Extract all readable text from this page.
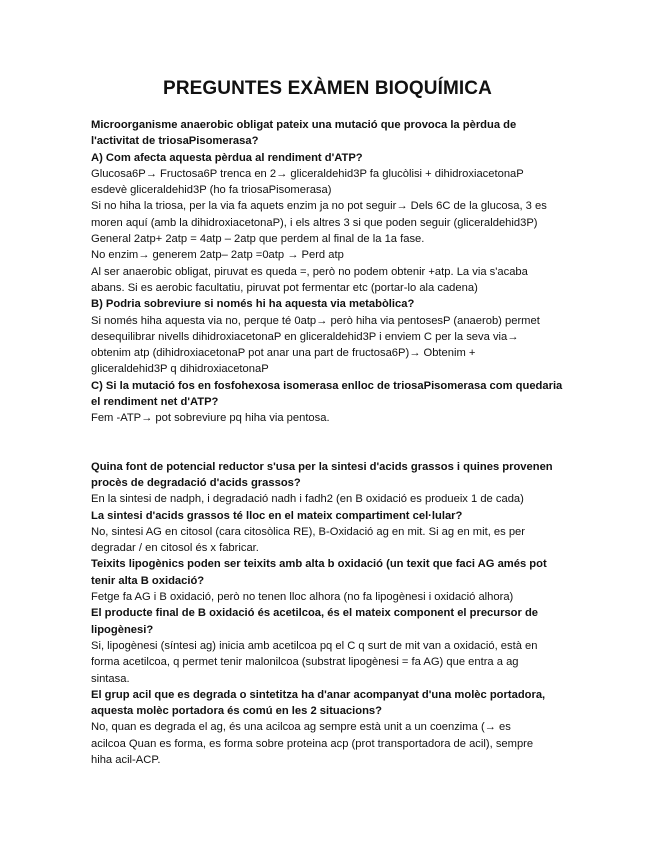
PREGUNTES EXÀMEN BIOQUÍMICA
Microorganisme anaerobic obligat pateix una mutació que provoca la pèrdua de
l'activitat de triosaPisomerasa?
A) Com afecta aquesta pèrdua al rendiment d'ATP?
Glucosa6P→ Fructosa6P trenca en 2→ gliceraldehid3P fa glucòlisi + dihidroxiacetonaP
esdevè gliceraldehid3P (ho fa triosaPisomerasa)
Si no hiha la triosa, per la via fa aquets enzim ja no pot seguir→ Dels 6C de la glucosa, 3 es
moren aquí (amb la dihidroxiacetonaP), i els altres 3 si que poden seguir (gliceraldehid3P)
General 2atp+ 2atp = 4atp – 2atp que perdem al final de la 1a fase.
No enzim→ generem 2atp– 2atp =0atp → Perd atp
Al ser anaerobic obligat, piruvat es queda =, però no podem obtenir +atp. La via s'acaba
abans. Si es aerobic facultatiu, piruvat pot fermentar etc (portar-lo ala cadena)
B) Podria sobreviure si només hi ha aquesta via metabòlica?
Si només hiha aquesta via no, perque té 0atp→ però hiha via pentosesP (anaerob) permet
desequilibrar nivells dihidroxiacetonaP en gliceraldehid3P i enviem C per la seva via→
obtenim atp (dihidroxiacetonaP pot anar una part de fructosa6P)→ Obtenim +
gliceraldehid3P q dihidroxiacetonaP
C) Si la mutació fos en fosfohexosa isomerasa enlloc de triosaPisomerasa com quedaria
el rendiment net d'ATP?
Fem -ATP→ pot sobreviure pq hiha via pentosa.
Quina font de potencial reductor s'usa per la sintesi d'acids grassos i quines provenen
procès de degradació d'acids grassos?
En la sintesi de nadph, i degradació nadh i fadh2 (en B oxidació es produeix 1 de cada)
La sintesi d'acids grassos té lloc en el mateix compartiment cel·lular?
No, sintesi AG en citosol (cara citosòlica RE), B-Oxidació ag en mit. Si ag en mit, es per
degradar / en citosol és x fabricar.
Teixits lipogènics poden ser teixits amb alta b oxidació (un texit que faci AG amés pot
tenir alta B oxidació?
Fetge fa AG i B oxidació, però no tenen lloc alhora (no fa lipogènesi i oxidació alhora)
El producte final de B oxidació és acetilcoa, és el mateix component el precursor de
lipogènesi?
Si, lipogènesi (síntesi ag) inicia amb acetilcoa pq el C q surt de mit van a oxidació, està en
forma acetilcoa, q permet tenir malonilcoa (substrat lipogènesi = fa AG) que entra a ag
sintasa.
El grup acil que es degrada o sintetitza ha d'anar acompanyat d'una molèc portadora,
aquesta molèc portadora és comú en les 2 situacions?
No, quan es degrada el ag, és una acilcoa ag sempre està unit a un coenzima (→ es
acilcoa Quan es forma, es forma sobre proteina acp (prot transportadora de acil), sempre
hiha acil-ACP.
